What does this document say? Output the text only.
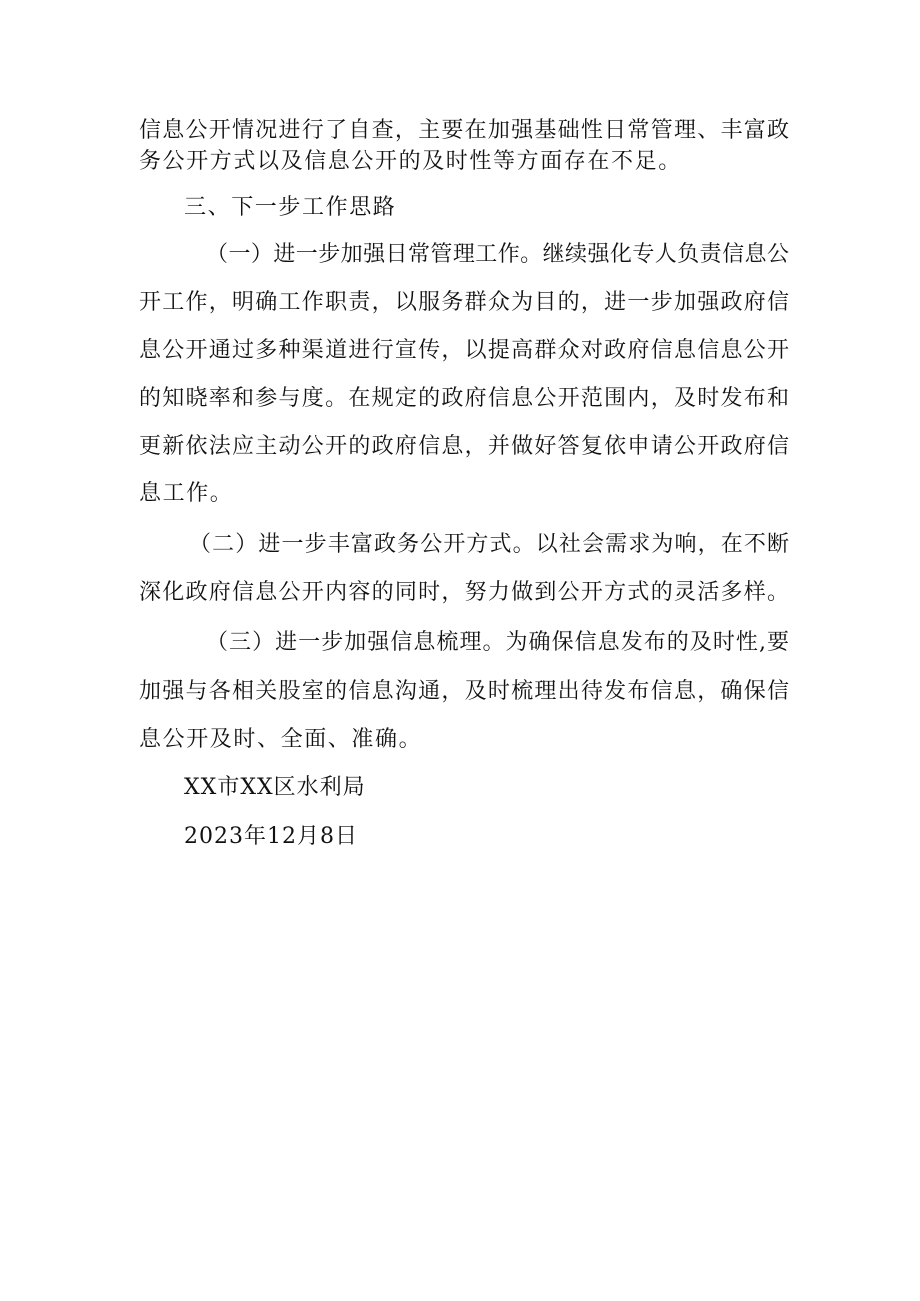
信息公开情况进行了自查，主要在加强基础性日常管理、丰富政
务公开方式以及信息公开的及时性等方面存在不足。
三、下一步工作思路
（一）进一步加强日常管理工作。继续强化专人负责信息公
开工作，明确工作职责，以服务群众为目的，进一步加强政府信
息公开通过多种渠道进行宣传，以提高群众对政府信息信息公开
的知晓率和参与度。在规定的政府信息公开范围内，及时发布和
更新依法应主动公开的政府信息，并做好答复依申请公开政府信
息工作。
（二）进一步丰富政务公开方式。以社会需求为响，在不断
深化政府信息公开内容的同时，努力做到公开方式的灵活多样。
（三）进一步加强信息梳理。为确保信息发布的及时性,要
加强与各相关股室的信息沟通，及时梳理出待发布信息，确保信
息公开及时、全面、准确。
XX市XX区水利局
2023年12月8日
